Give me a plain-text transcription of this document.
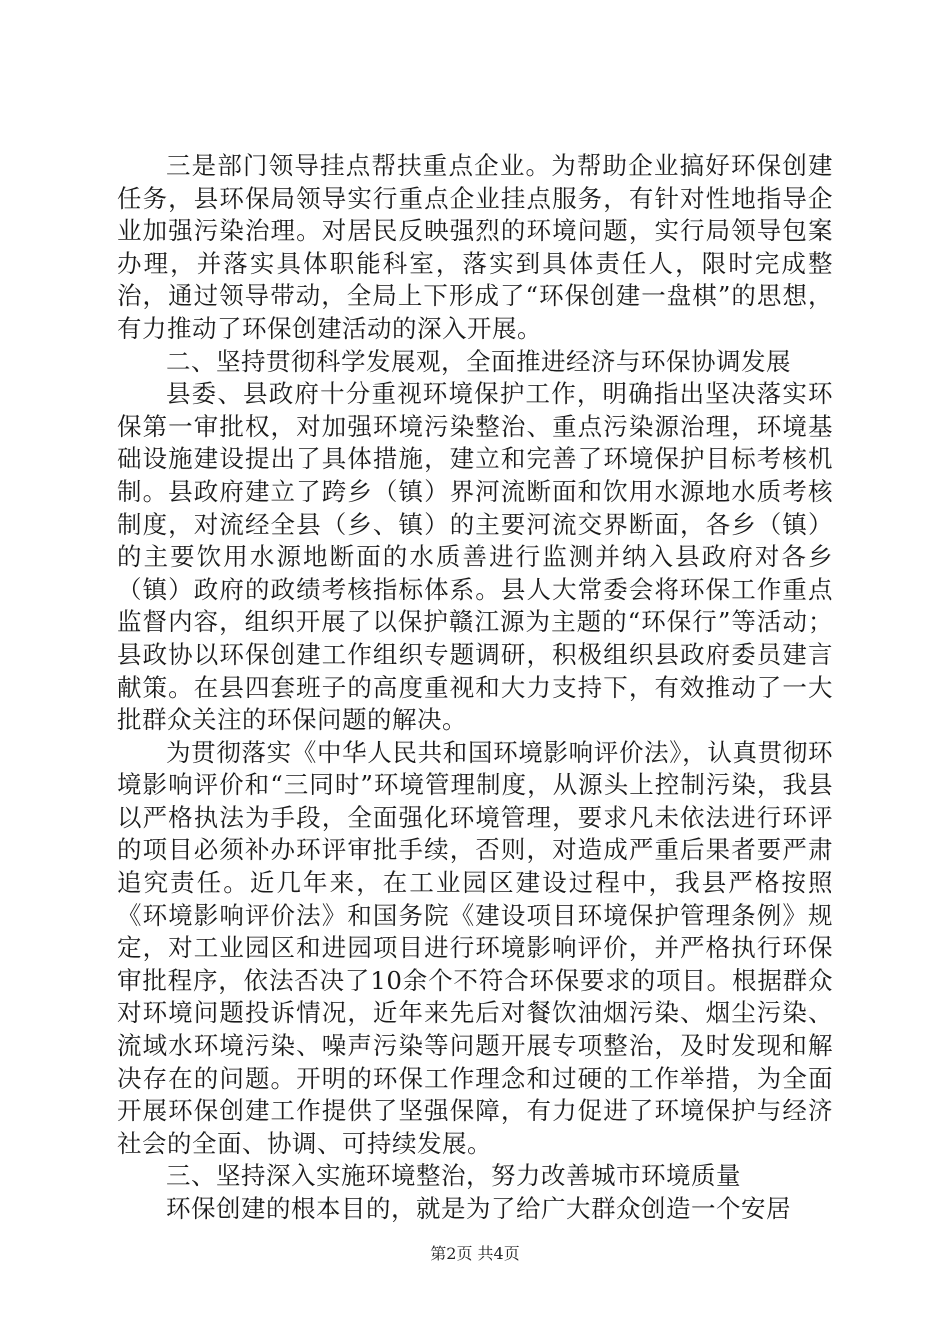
三是部门领导挂点帮扶重点企业。为帮助企业搞好环保创建任务，县环保局领导实行重点企业挂点服务，有针对性地指导企业加强污染治理。对居民反映强烈的环境问题，实行局领导包案办理，并落实具体职能科室，落实到具体责任人，限时完成整治，通过领导带动，全局上下形成了“环保创建一盘棋”的思想，有力推动了环保创建活动的深入开展。

二、坚持贯彻科学发展观，全面推进经济与环保协调发展

县委、县政府十分重视环境保护工作，明确指出坚决落实环保第一审批权，对加强环境污染整治、重点污染源治理，环境基础设施建设提出了具体措施，建立和完善了环境保护目标考核机制。县政府建立了跨乡（镇）界河流断面和饮用水源地水质考核制度，对流经全县（乡、镇）的主要河流交界断面，各乡（镇）的主要饮用水源地断面的水质善进行监测并纳入县政府对各乡（镇）政府的政绩考核指标体系。县人大常委会将环保工作重点监督内容，组织开展了以保护赣江源为主题的“环保行”等活动；县政协以环保创建工作组织专题调研，积极组织县政府委员建言献策。在县四套班子的高度重视和大力支持下，有效推动了一大批群众关注的环保问题的解决。

为贯彻落实《中华人民共和国环境影响评价法》，认真贯彻环境影响评价和“三同时”环境管理制度，从源头上控制污染，我县以严格执法为手段，全面强化环境管理，要求凡未依法进行环评的项目必须补办环评审批手续，否则，对造成严重后果者要严肃追究责任。近几年来，在工业园区建设过程中，我县严格按照《环境影响评价法》和国务院《建设项目环境保护管理条例》规定，对工业园区和进园项目进行环境影响评价，并严格执行环保审批程序，依法否决了10余个不符合环保要求的项目。根据群众对环境问题投诉情况，近年来先后对餐饮油烟污染、烟尘污染、流域水环境污染、噪声污染等问题开展专项整治，及时发现和解决存在的问题。开明的环保工作理念和过硬的工作举措，为全面开展环保创建工作提供了坚强保障，有力促进了环境保护与经济社会的全面、协调、可持续发展。

三、坚持深入实施环境整治，努力改善城市环境质量

环保创建的根本目的，就是为了给广大群众创造一个安居

第2页 共4页
